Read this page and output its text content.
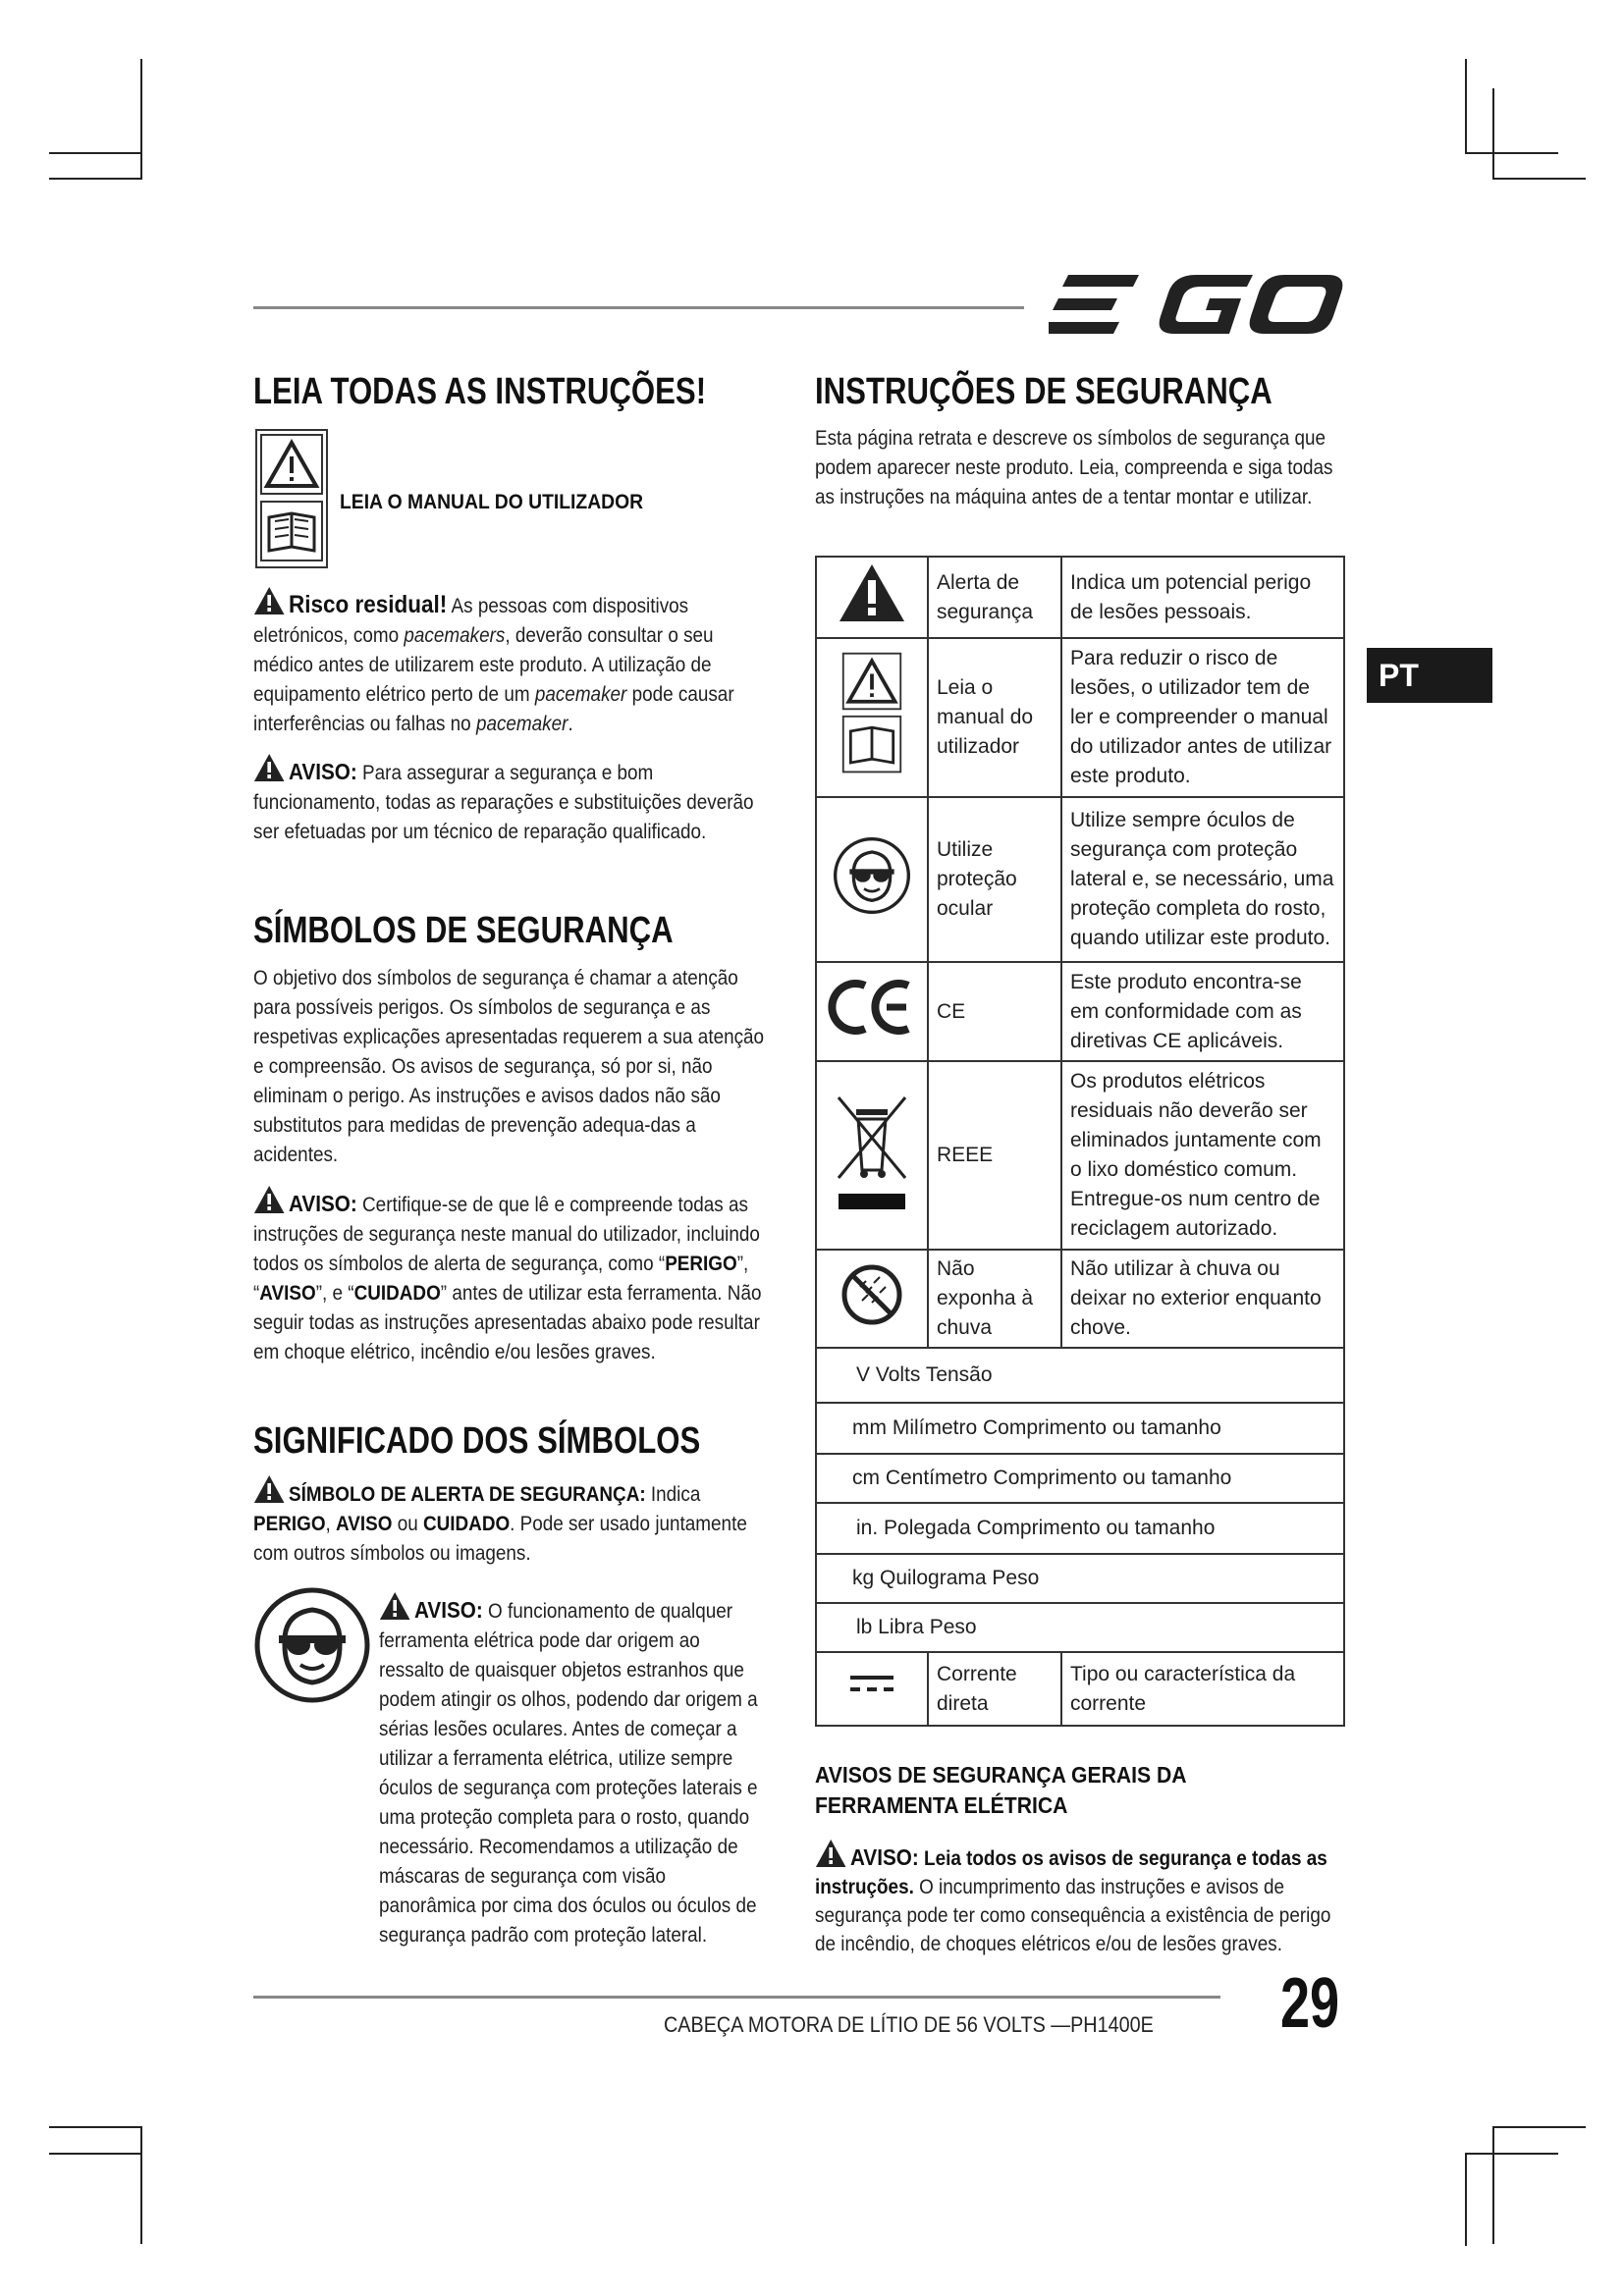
LEIA TODAS AS INSTRUÇÕES!
LEIA O MANUAL DO UTILIZADOR
Risco residual! As pessoas com dispositivos eletrónicos, como pacemakers, deverão consultar o seu médico antes de utilizarem este produto. A utilização de equipamento elétrico perto de um pacemaker pode causar interferências ou falhas no pacemaker.
AVISO: Para assegurar a segurança e bom funcionamento, todas as reparações e substituições deverão ser efetuadas por um técnico de reparação qualificado.
SÍMBOLOS DE SEGURANÇA
O objetivo dos símbolos de segurança é chamar a atenção para possíveis perigos. Os símbolos de segurança e as respetivas explicações apresentadas requerem a sua atenção e compreensão. Os avisos de segurança, só por si, não eliminam o perigo. As instruções e avisos dados não são substitutos para medidas de prevenção adequa-das a acidentes.
AVISO: Certifique-se de que lê e compreende todas as instruções de segurança neste manual do utilizador, incluindo todos os símbolos de alerta de segurança, como “PERIGO”, “AVISO”, e “CUIDADO” antes de utilizar esta ferramenta. Não seguir todas as instruções apresentadas abaixo pode resultar em choque elétrico, incêndio e/ou lesões graves.
SIGNIFICADO DOS SÍMBOLOS
SÍMBOLO DE ALERTA DE SEGURANÇA: Indica PERIGO, AVISO ou CUIDADO. Pode ser usado juntamente com outros símbolos ou imagens.
AVISO: O funcionamento de qualquer ferramenta elétrica pode dar origem ao ressalto de quaisquer objetos estranhos que podem atingir os olhos, podendo dar origem a sérias lesões oculares. Antes de começar a utilizar a ferramenta elétrica, utilize sempre óculos de segurança com proteções laterais e uma proteção completa para o rosto, quando necessário. Recomendamos a utilização de máscaras de segurança com visão panorâmica por cima dos óculos ou óculos de segurança padrão com proteção lateral.
INSTRUÇÕES DE SEGURANÇA
Esta página retrata e descreve os símbolos de segurança que podem aparecer neste produto. Leia, compreenda e siga todas as instruções na máquina antes de a tentar montar e utilizar.
	Alerta de segurança	Indica um potencial perigo de lesões pessoais.
	Leia o manual do utilizador	Para reduzir o risco de lesões, o utilizador tem de ler e compreender o manual do utilizador antes de utilizar este produto.
	Utilize proteção ocular	Utilize sempre óculos de segurança com proteção lateral e, se necessário, uma proteção completa do rosto, quando utilizar este produto.
	CE	Este produto encontra-se em conformidade com as diretivas CE aplicáveis.
	REEE	Os produtos elétricos residuais não deverão ser eliminados juntamente com o lixo doméstico comum. Entregue-os num centro de reciclagem autorizado.
	Não exponha à chuva	Não utilizar à chuva ou deixar no exterior enquanto chove.
V Volts Tensão		
mm Milímetro Comprimento ou tamanho		
cm Centímetro Comprimento ou tamanho		
in. Polegada Comprimento ou tamanho		
kg Quilograma Peso		
lb Libra Peso		
	Corrente direta	Tipo ou característica da corrente
AVISOS DE SEGURANÇA GERAIS DA FERRAMENTA ELÉTRICA
AVISO: Leia todos os avisos de segurança e todas as instruções. O incumprimento das instruções e avisos de segurança pode ter como consequência a existência de perigo de incêndio, de choques elétricos e/ou de lesões graves.
PT
CABEÇA MOTORA DE LÍTIO DE 56 VOLTS —PH1400E 29
